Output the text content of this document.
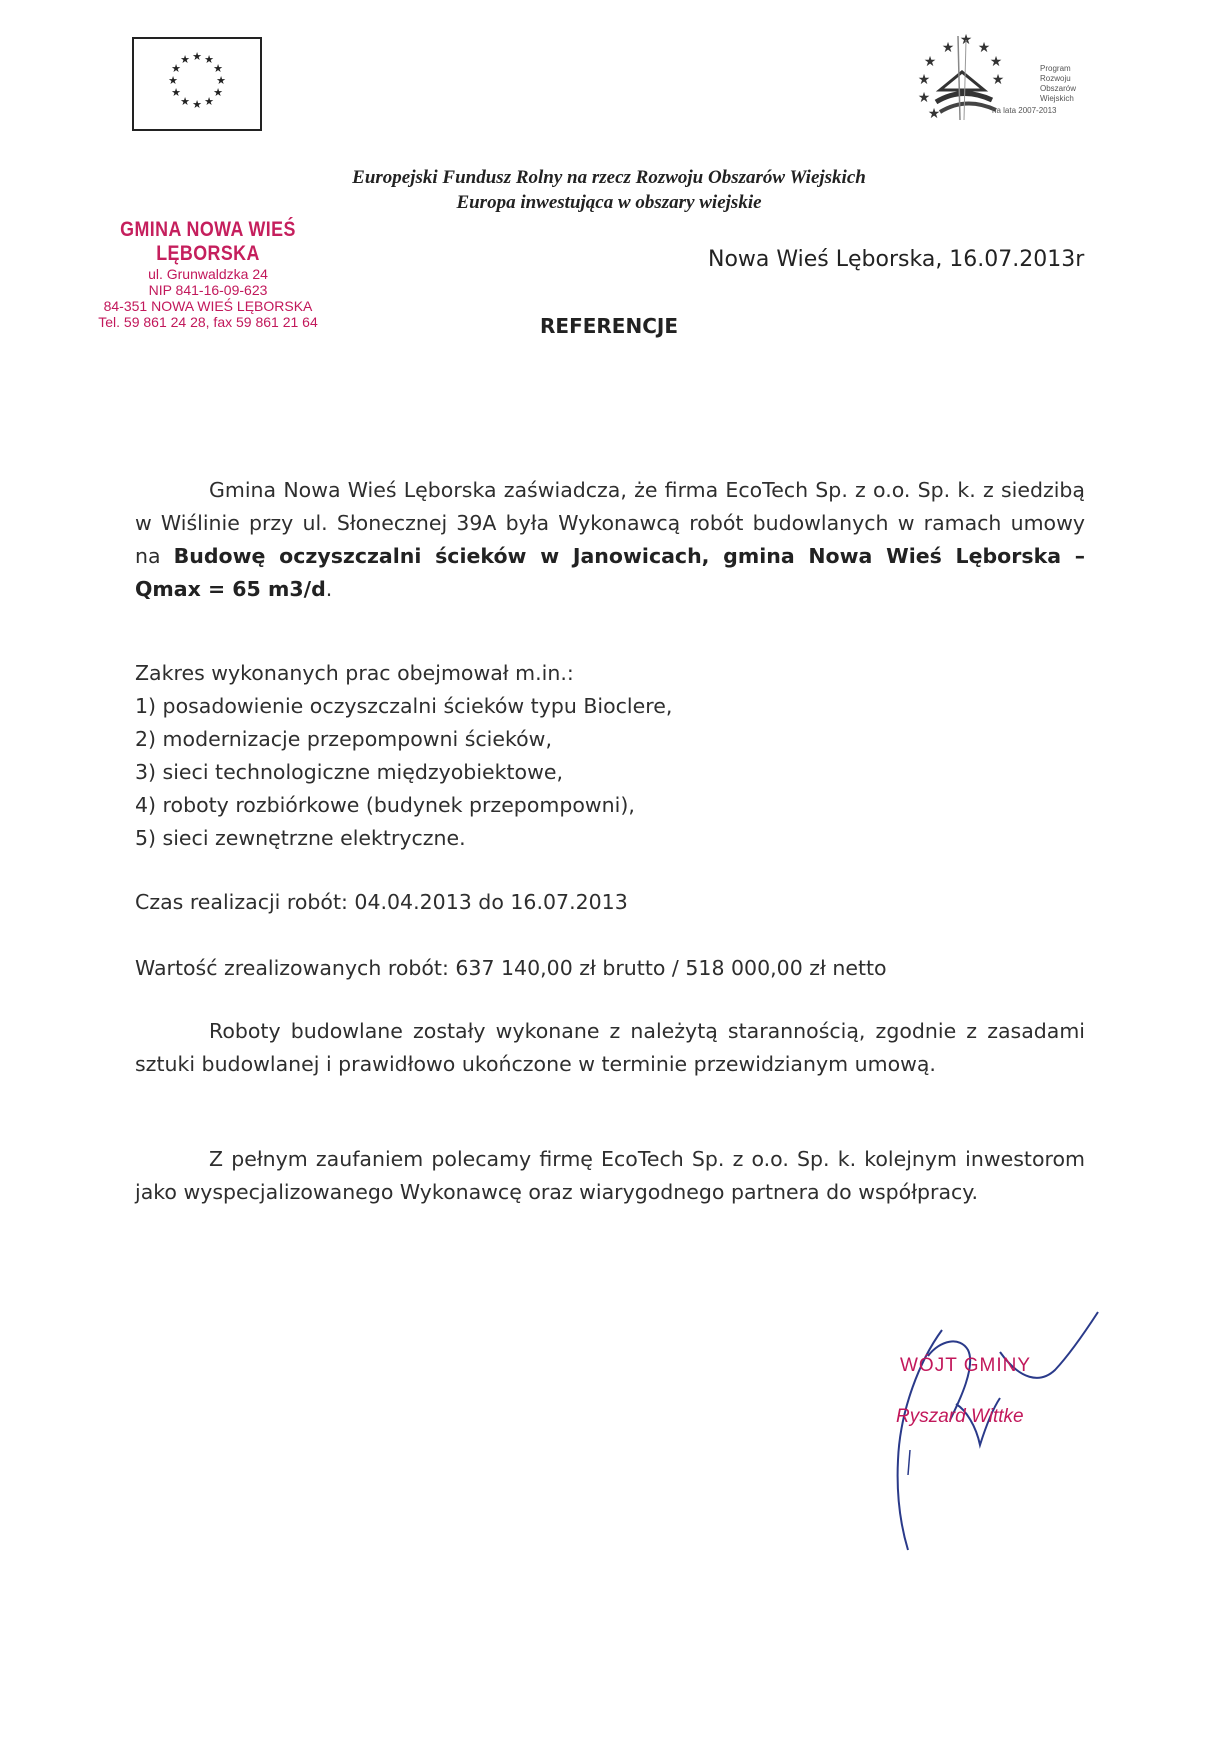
★ ★
★
★
★
★
★
★
★
★
★
★
★ ★ ★
★
★
★
★
★
★
Program
Rozwoju
Obszarów
Wiejskich
na lata 2007-2013
Europejski Fundusz Rolny na rzecz Rozwoju Obszarów Wiejskich
Europa inwestująca w obszary wiejskie
GMINA NOWA WIEŚ LĘBORSKA
ul. Grunwaldzka 24
NIP 841-16-09-623
84-351 NOWA WIEŚ LĘBORSKA
Tel. 59 861 24 28, fax 59 861 21 64
Nowa Wieś Lęborska, 16.07.2013r
REFERENCJE
Gmina Nowa Wieś Lęborska zaświadcza, że firma EcoTech Sp. z o.o. Sp. k. z siedzibą w Wiślinie przy ul. Słonecznej 39A była Wykonawcą robót budowlanych w ramach umowy na Budowę oczyszczalni ścieków w Janowicach, gmina Nowa Wieś Lęborska – Qmax = 65 m3/d.
Zakres wykonanych prac obejmował m.in.:
1) posadowienie oczyszczalni ścieków typu Bioclere,
2) modernizacje przepompowni ścieków,
3) sieci technologiczne międzyobiektowe,
4) roboty rozbiórkowe (budynek przepompowni),
5) sieci zewnętrzne elektryczne.
Czas realizacji robót: 04.04.2013 do 16.07.2013
Wartość zrealizowanych robót: 637 140,00 zł brutto / 518 000,00 zł netto
Roboty budowlane zostały wykonane z należytą starannością, zgodnie z zasadami sztuki budowlanej i prawidłowo ukończone w terminie przewidzianym umową.
Z pełnym zaufaniem polecamy firmę EcoTech Sp. z o.o. Sp. k. kolejnym inwestorom jako wyspecjalizowanego Wykonawcę oraz wiarygodnego partnera do współpracy.
WÓJT GMINY
Ryszard Wittke
